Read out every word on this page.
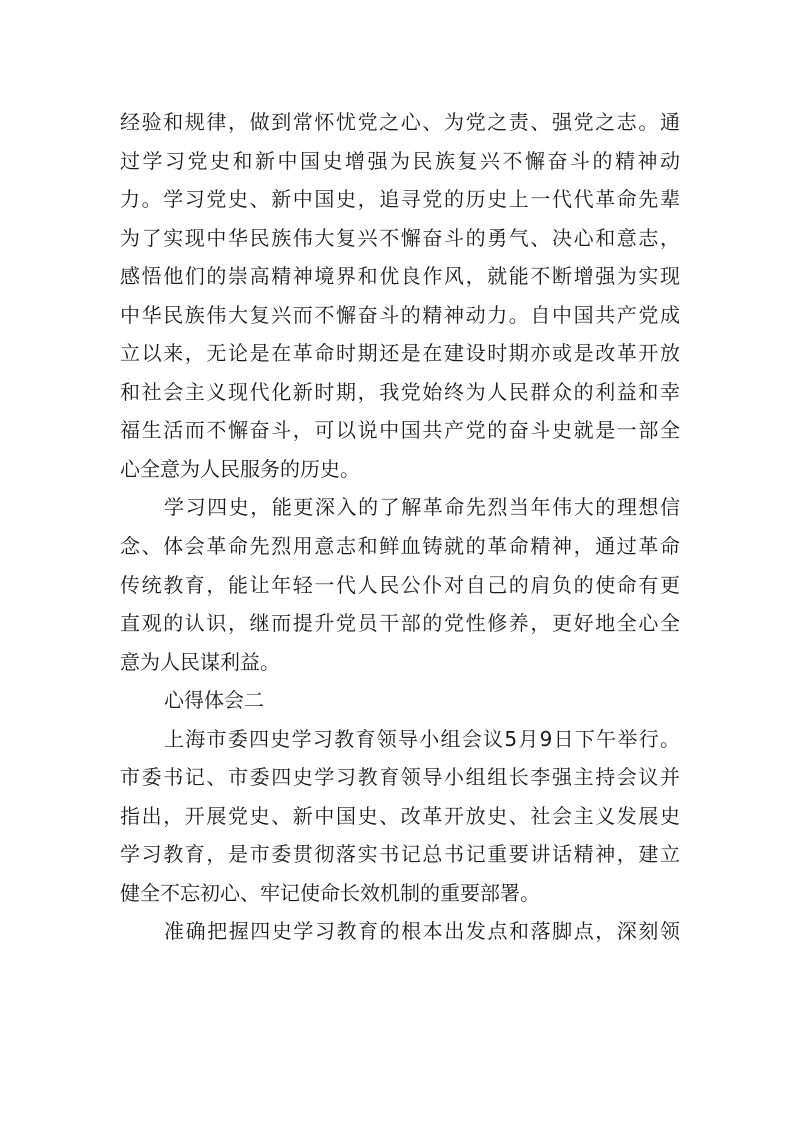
经验和规律，做到常怀忧党之心、为党之责、强党之志。通
过学习党史和新中国史增强为民族复兴不懈奋斗的精神动
力。学习党史、新中国史，追寻党的历史上一代代革命先辈
为了实现中华民族伟大复兴不懈奋斗的勇气、决心和意志，
感悟他们的崇高精神境界和优良作风，就能不断增强为实现
中华民族伟大复兴而不懈奋斗的精神动力。自中国共产党成
立以来，无论是在革命时期还是在建设时期亦或是改革开放
和社会主义现代化新时期，我党始终为人民群众的利益和幸
福生活而不懈奋斗，可以说中国共产党的奋斗史就是一部全
心全意为人民服务的历史。
学习四史，能更深入的了解革命先烈当年伟大的理想信
念、体会革命先烈用意志和鲜血铸就的革命精神，通过革命
传统教育，能让年轻一代人民公仆对自己的肩负的使命有更
直观的认识，继而提升党员干部的党性修养，更好地全心全
意为人民谋利益。
心得体会二
上海市委四史学习教育领导小组会议5月9日下午举行。
市委书记、市委四史学习教育领导小组组长李强主持会议并
指出，开展党史、新中国史、改革开放史、社会主义发展史
学习教育，是市委贯彻落实书记总书记重要讲话精神，建立
健全不忘初心、牢记使命长效机制的重要部署。
准确把握四史学习教育的根本出发点和落脚点，深刻领
